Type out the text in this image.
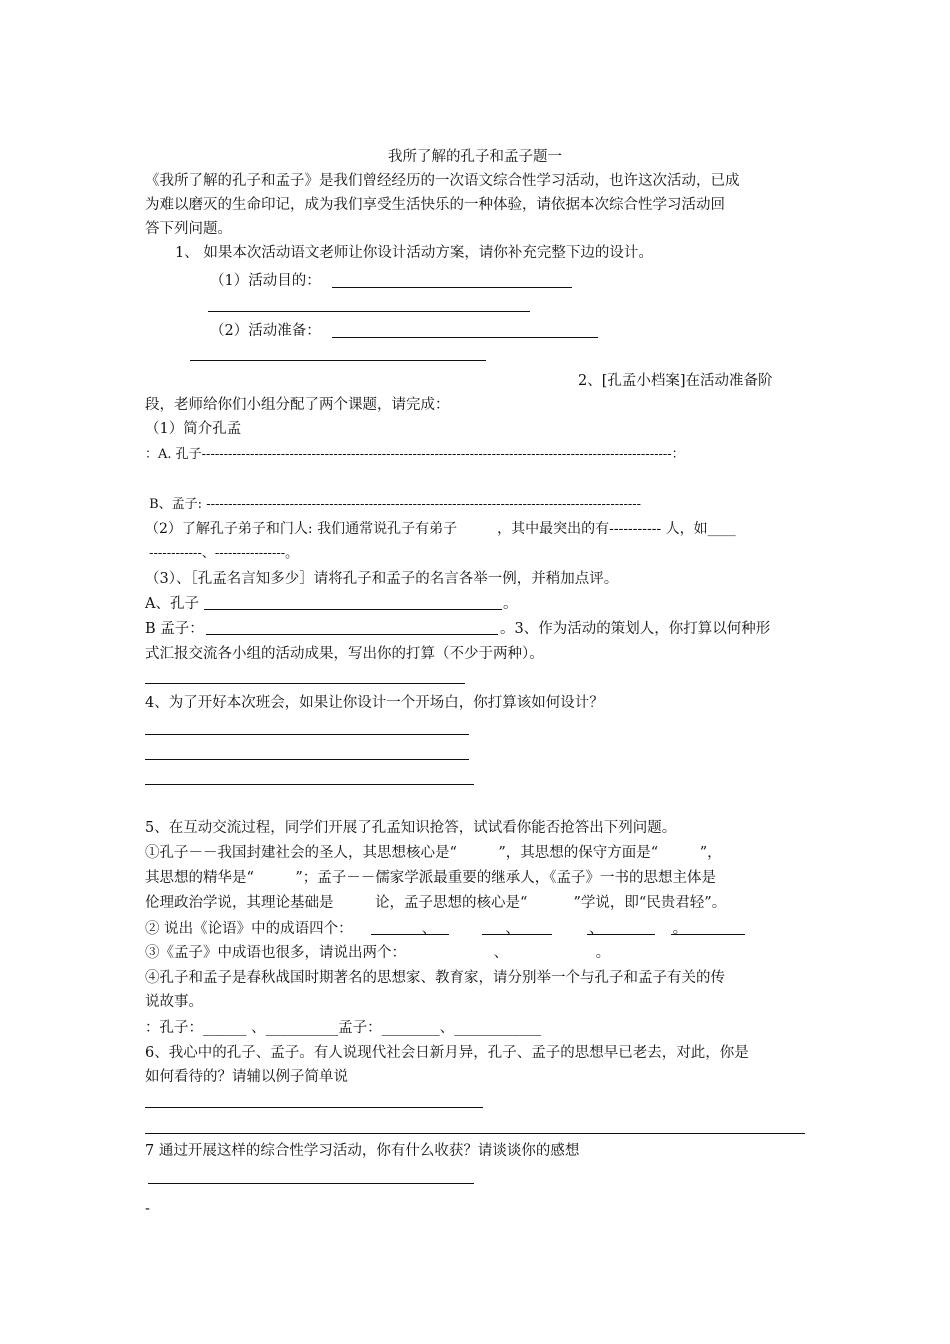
我所了解的孔子和孟子题一
《我所了解的孔子和孟子》是我们曾经经历的一次语文综合性学习活动，也许这次活动，已成
为难以磨灭的生命印记，成为我们享受生活快乐的一种体验，请依据本次综合性学习活动回
答下列问题。
1、 如果本次活动语文老师让你设计活动方案，请你补充完整下边的设计。
（1）活动目的：
（2）活动准备：
2、[孔孟小档案]在活动准备阶
段，老师给你们小组分配了两个课题，请完成：
（1）简介孔孟
：A. 孔子-----------------------------------------------------------------------------------------------------------：
B、孟子: ---------------------------------------------------------------------------------------------------
（2）了解孔子弟子和门人: 我们通常说孔子有弟子         ，其中最突出的有----------- 人，如____
------------、----------------。
（3）、［孔孟名言知多少］请将孔子和孟子的名言各举一例，并稍加点评。
A、孔子	。
B 孟子：	。3、作为活动的策划人，你打算以何种形
式汇报交流各小组的活动成果，写出你的打算（不少于两种）。
4、为了开好本次班会，如果让你设计一个开场白，你打算该如何设计？
5、在互动交流过程，同学们开展了孔孟知识抢答，试试看你能否抢答出下列问题。
①孔子－－我国封建社会的圣人，其思想核心是“         ”，其思想的保守方面是“         ”，
其思想的精华是“         ”；孟子－－儒家学派最重要的继承人，《孟子》一书的思想主体是
伦理政治学说，其理论基础是         论，孟子思想的核心是“          ”学说，即“民贵君轻”。
② 说出《论语》中的成语四个：               、               、               、               。
③《孟子》中成语也很多，请说出两个：                   、                   。
④孔子和孟子是春秋战国时期著名的思想家、教育家，请分别举一个与孔子和孟子有关的传
说故事。
：孔子：______ 、__________孟子：________、____________
6、我心中的孔子、孟子。有人说现代社会日新月异，孔子、孟子的思想早已老去，对此，你是
如何看待的？请辅以例子简单说
7 通过开展这样的综合性学习活动，你有什么收获？请谈谈你的感想
-
